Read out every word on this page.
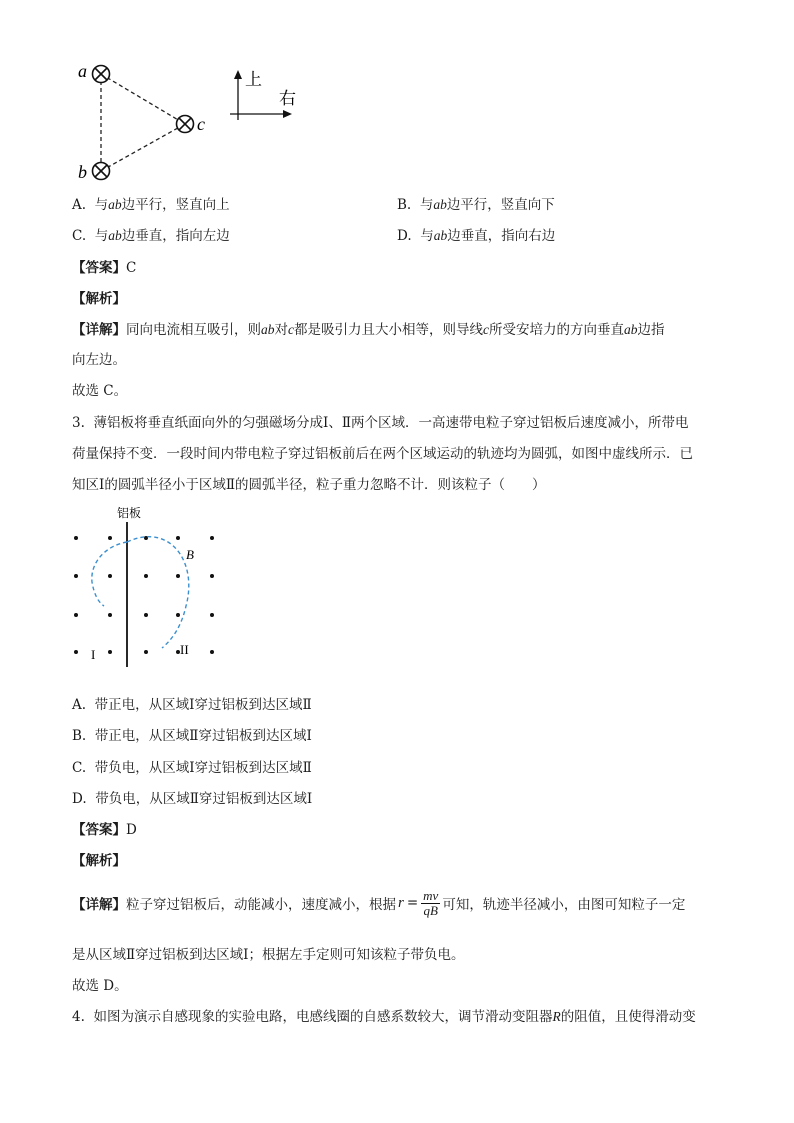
a
b
c
上
右
A. 与ab边平行，竖直向上	B. 与ab边平行，竖直向下
C. 与ab边垂直，指向左边	D. 与ab边垂直，指向右边
【答案】C
【解析】
【详解】同向电流相互吸引，则ab对c都是吸引力且大小相等，则导线c所受安培力的方向垂直ab边指
向左边。
故选 C。
3. 薄铝板将垂直纸面向外的匀强磁场分成Ⅰ、Ⅱ两个区域．一高速带电粒子穿过铝板后速度减小，所带电
荷量保持不变．一段时间内带电粒子穿过铝板前后在两个区域运动的轨迹均为圆弧，如图中虚线所示．已
知区Ⅰ的圆弧半径小于区域Ⅱ的圆弧半径，粒子重力忽略不计．则该粒子（　　）
铝板
B
I	II
A. 带正电，从区域Ⅰ穿过铝板到达区域Ⅱ
B. 带正电，从区域Ⅱ穿过铝板到达区域Ⅰ
C. 带负电，从区域Ⅰ穿过铝板到达区域Ⅱ
D. 带负电，从区域Ⅱ穿过铝板到达区域Ⅰ
【答案】D
【解析】
【详解】 粒子穿过铝板后，动能减小，速度减小，根据 r = mv
qB 可知，轨迹半径减小，由图可知粒子一定
是从区域Ⅱ穿过铝板到达区域Ⅰ；根据左手定则可知该粒子带负电。
故选 D。
4. 如图为演示自感现象的实验电路，电感线圈的自感系数较大，调节滑动变阻器R的阻值，且使得滑动变
